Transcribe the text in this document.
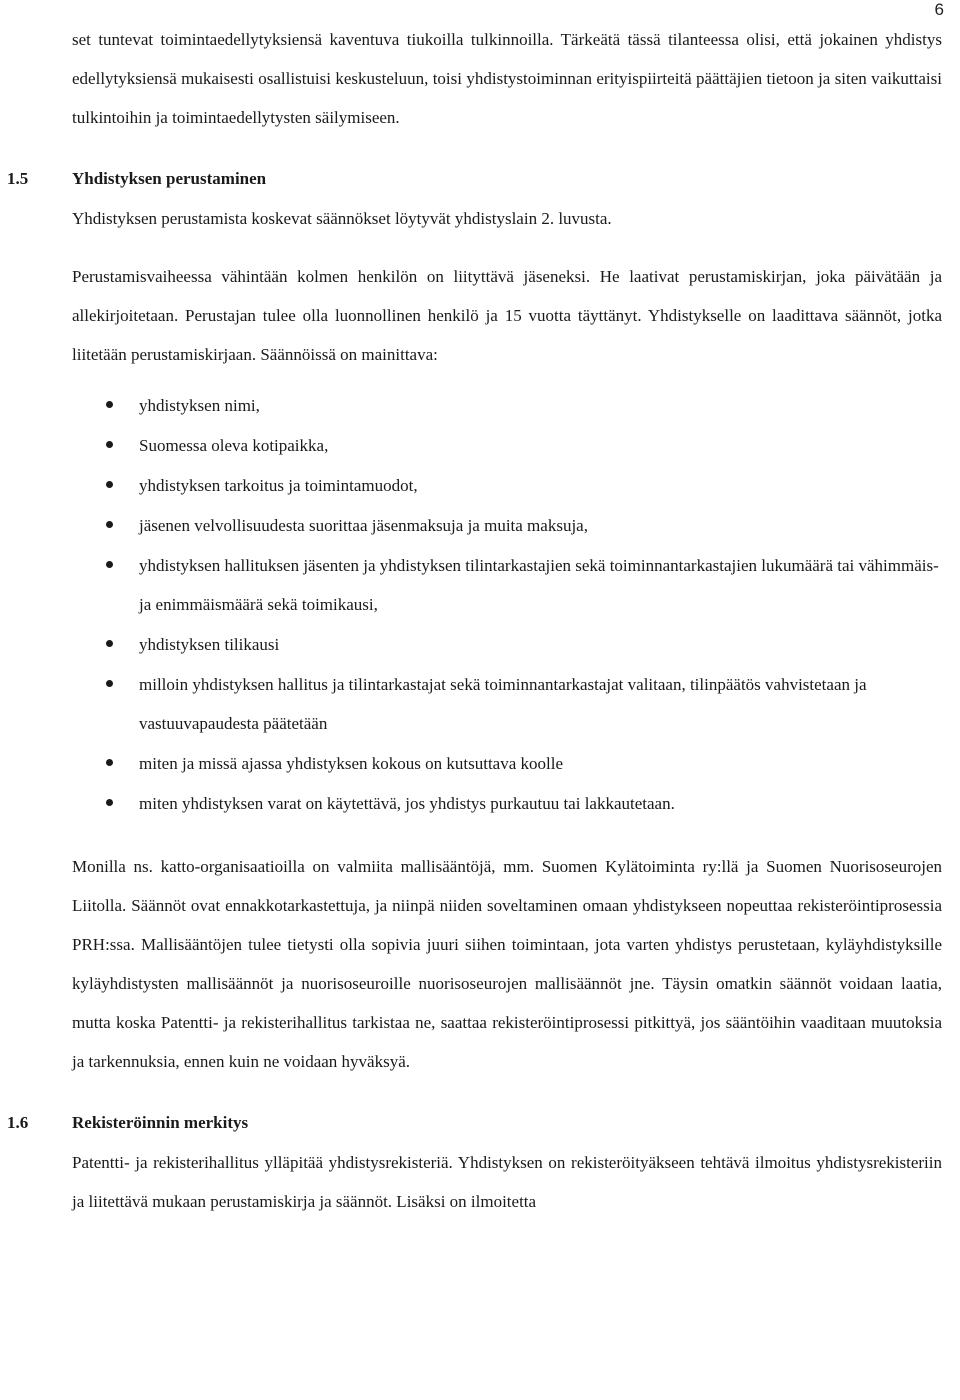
6

set tuntevat toimintaedellytyksiensä kaventuva tiukoilla tulkinnoilla. Tärkeätä tässä tilanteessa olisi, että jokainen yhdistys edellytyksiensä mukaisesti osallistuisi keskusteluun, toisi yhdistystoiminnan erityispiirteitä päättäjien tietoon ja siten vaikuttaisi tulkintoihin ja toimintaedellytysten säilymiseen.

1.5	Yhdistyksen perustaminen

Yhdistyksen perustamista koskevat säännökset löytyvät yhdistyslain 2. luvusta.

Perustamisvaiheessa vähintään kolmen henkilön on liityttävä jäseneksi. He laativat perustamiskirjan, joka päivätään ja allekirjoitetaan. Perustajan tulee olla luonnollinen henkilö ja 15 vuotta täyttänyt. Yhdistykselle on laadittava säännöt, jotka liitetään perustamiskirjaan. Säännöissä on mainittava:

yhdistyksen nimi,
Suomessa oleva kotipaikka,
yhdistyksen tarkoitus ja toimintamuodot,
jäsenen velvollisuudesta suorittaa jäsenmaksuja ja muita maksuja,
yhdistyksen hallituksen jäsenten ja yhdistyksen tilintarkastajien sekä toiminnantarkastajien lukumäärä tai vähimmäis- ja enimmäismäärä sekä toimikausi,
yhdistyksen tilikausi
milloin yhdistyksen hallitus ja tilintarkastajat sekä toiminnantarkastajat valitaan, tilinpäätös vahvistetaan ja vastuuvapaudesta päätetään
miten ja missä ajassa yhdistyksen kokous on kutsuttava koolle
miten yhdistyksen varat on käytettävä, jos yhdistys purkautuu tai lakkautetaan.

Monilla ns. katto-organisaatioilla on valmiita mallisääntöjä, mm. Suomen Kylätoiminta ry:llä ja Suomen Nuorisoseurojen Liitolla. Säännöt ovat ennakkotarkastettuja, ja niinpä niiden soveltaminen omaan yhdistykseen nopeuttaa rekisteröintiprosessia PRH:ssa. Mallisääntöjen tulee tietysti olla sopivia juuri siihen toimintaan, jota varten yhdistys perustetaan, kyläyhdistyksille kyläyhdistysten mallisäännöt ja nuorisoseuroille nuorisoseurojen mallisäännöt jne. Täysin omatkin säännöt voidaan laatia, mutta koska Patentti- ja rekisterihallitus tarkistaa ne, saattaa rekisteröintiprosessi pitkittyä, jos sääntöihin vaaditaan muutoksia ja tarkennuksia, ennen kuin ne voidaan hyväksyä.

1.6	Rekisteröinnin merkitys

Patentti- ja rekisterihallitus ylläpitää yhdistysrekisteriä. Yhdistyksen on rekisteröityäkseen tehtävä ilmoitus yhdistysrekisteriin ja liitettävä mukaan perustamiskirja ja säännöt. Lisäksi on ilmoitetta
